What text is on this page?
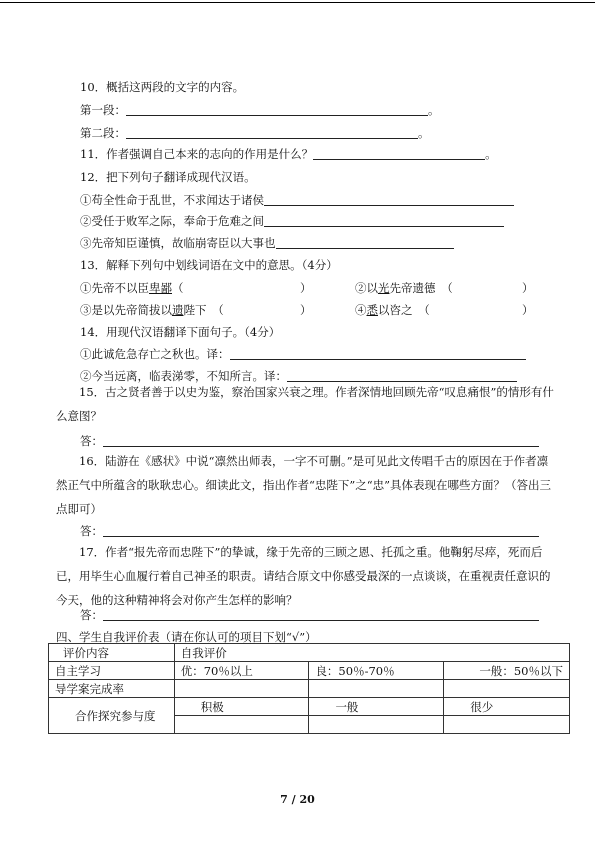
10．概括这两段的文字的内容。
第一段：	。
第二段：	。
11．作者强调自己本来的志向的作用是什么？	。
12．把下列句子翻译成现代汉语。
①苟全性命于乱世，不求闻达于诸侯
②受任于败军之际，奉命于危难之间
③先帝知臣谨慎，故临崩寄臣以大事也
13．解释下列句中划线词语在文中的意思。（4分）
①先帝不以臣卑鄙（	）	②以光先帝遗德　（	）
③是以先帝简拔以遗陛下　（	）	④悉以咨之　（	）
14．用现代汉语翻译下面句子。（4分）
①此诚危急存亡之秋也。译：
②今当远离，临表涕零，不知所言。译：
15．古之贤者善于以史为鉴，察治国家兴衰之理。作者深情地回顾先帝“叹息痛恨”的情形有什么意图？
答：
16．陆游在《感状》中说“凛然出师表，一字不可删。”是可见此文传唱千古的原因在于作者凛然正气中所蕴含的耿耿忠心。细读此文，指出作者“忠陛下”之“忠”具体表现在哪些方面？（答出三点即可）
答：
17．作者“报先帝而忠陛下”的挚诚，缘于先帝的三顾之恩、托孤之重。他鞠躬尽瘁，死而后已，用毕生心血履行着自己神圣的职责。请结合原文中你感受最深的一点谈谈，在重视责任意识的今天，他的这种精神将会对你产生怎样的影响？
答：
四、学生自我评价表（请在你认可的项目下划“√”）
评价内容	自我评价		
自主学习	优：70％以上	良：50％-70％	一般：50％以下
导学案完成率			
合作探究参与度	积极	一般	很少

7 / 20
